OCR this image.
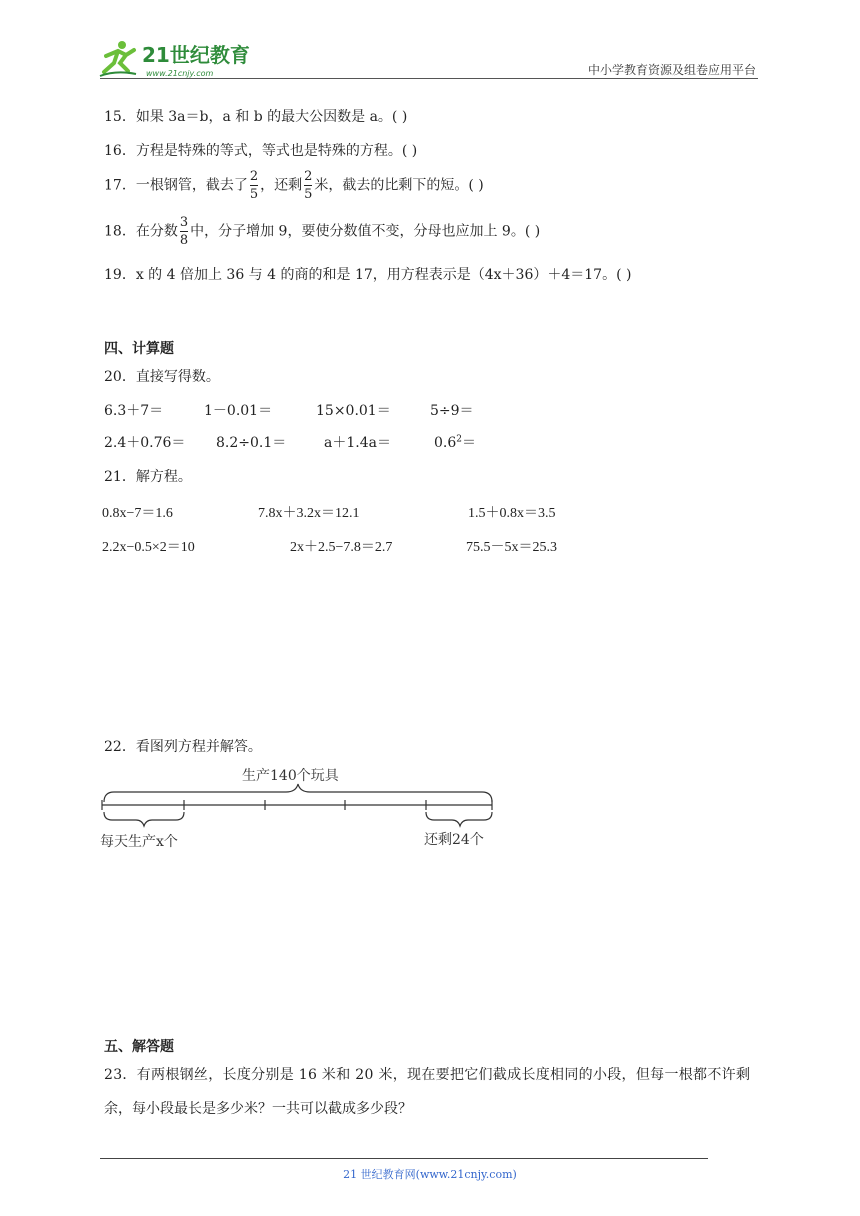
21世纪教育
www.21cnjy.com	中小学教育资源及组卷应用平台
15．如果 3a＝b，a 和 b 的最大公因数是 a。( )
16．方程是特殊的等式，等式也是特殊的方程。( )
17．一根钢管，截去了 $\frac{2}{5}$ ，还剩 $\frac{2}{5}$ 米，截去的比剩下的短。( )
18．在分数 $\frac{3}{8}$ 中，分子增加 9，要使分数值不变，分母也应加上 9。( )
19．x 的 4 倍加上 36 与 4 的商的和是 17，用方程表示是（4x＋36）＋4＝17。( )
四、计算题
20．直接写得数。
6.3＋7＝	1－0.01＝	15×0.01＝	5÷9＝
2.4＋0.76＝ 8.2÷0.1＝	a＋1.4a＝	$0.6^2=$
21．解方程。
0.8x−7＝1.6	7.8x＋3.2x＝12.1	1.5＋0.8x＝3.5
2.2x−0.5×2＝10	2x＋2.5−7.8＝2.7	75.5－5x＝25.3
22．看图列方程并解答。
生产140个玩具
每天生产x个	还剩24个
五、解答题
23．有两根钢丝，长度分别是 16 米和 20 米，现在要把它们截成长度相同的小段，但每一根都不许剩
余，每小段最长是多少米？一共可以截成多少段？
21 世纪教育网(www.21cnjy.com)
